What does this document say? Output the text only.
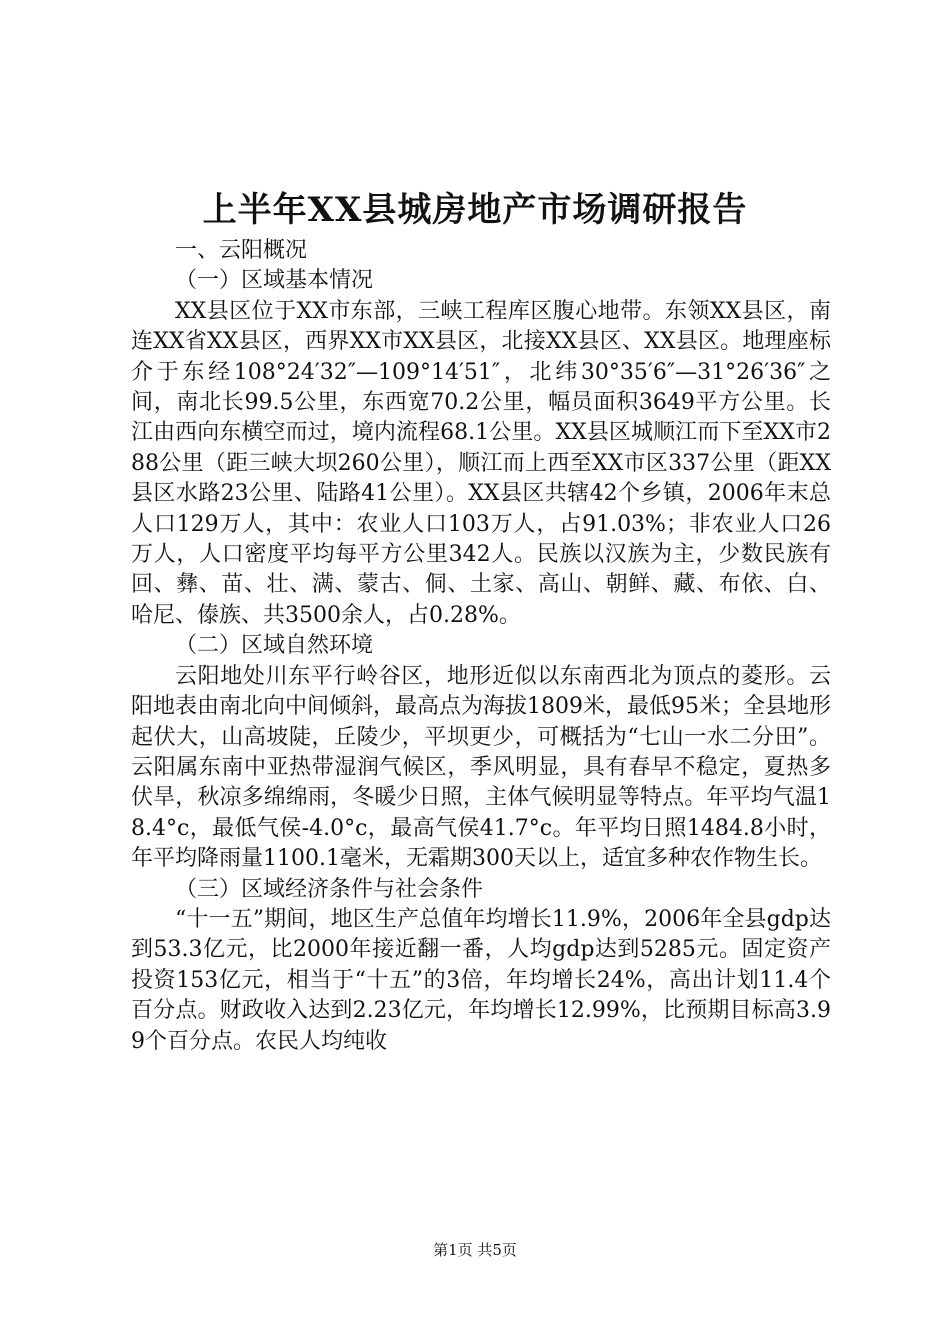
上半年XX县城房地产市场调研报告

一、云阳概况

（一）区域基本情况

XX县区位于XX市东部，三峡工程库区腹心地带。东领XX县区，南连XX省XX县区，西界XX市XX县区，北接XX县区、XX县区。地理座标介于东经108°24′32″—109°14′51″，北纬30°35′6″—31°26′36″之间，南北长99.5公里，东西宽70.2公里，幅员面积3649平方公里。长江由西向东横空而过，境内流程68.1公里。XX县区城顺江而下至XX市288公里（距三峡大坝260公里），顺江而上西至XX市区337公里（距XX县区水路23公里、陆路41公里）。XX县区共辖42个乡镇，2006年末总人口129万人，其中：农业人口103万人，占91.03%；非农业人口26万人，人口密度平均每平方公里342人。民族以汉族为主，少数民族有回、彝、苗、壮、满、蒙古、侗、土家、高山、朝鲜、藏、布依、白、哈尼、傣族、共3500余人，占0.28%。

（二）区域自然环境

云阳地处川东平行岭谷区，地形近似以东南西北为顶点的菱形。云阳地表由南北向中间倾斜，最高点为海拔1809米，最低95米；全县地形起伏大，山高坡陡，丘陵少，平坝更少，可概括为“七山一水二分田”。云阳属东南中亚热带湿润气候区，季风明显，具有春早不稳定，夏热多伏旱，秋凉多绵绵雨，冬暖少日照，主体气候明显等特点。年平均气温18.4°c，最低气侯-4.0°c，最高气侯41.7°c。年平均日照1484.8小时，年平均降雨量1100.1毫米，无霜期300天以上，适宜多种农作物生长。

（三）区域经济条件与社会条件

“十一五”期间，地区生产总值年均增长11.9%，2006年全县gdp达到53.3亿元，比2000年接近翻一番，人均gdp达到5285元。固定资产投资153亿元，相当于“十五”的3倍，年均增长24%，高出计划11.4个百分点。财政收入达到2.23亿元，年均增长12.99%，比预期目标高3.99个百分点。农民人均纯收

第1页 共5页
